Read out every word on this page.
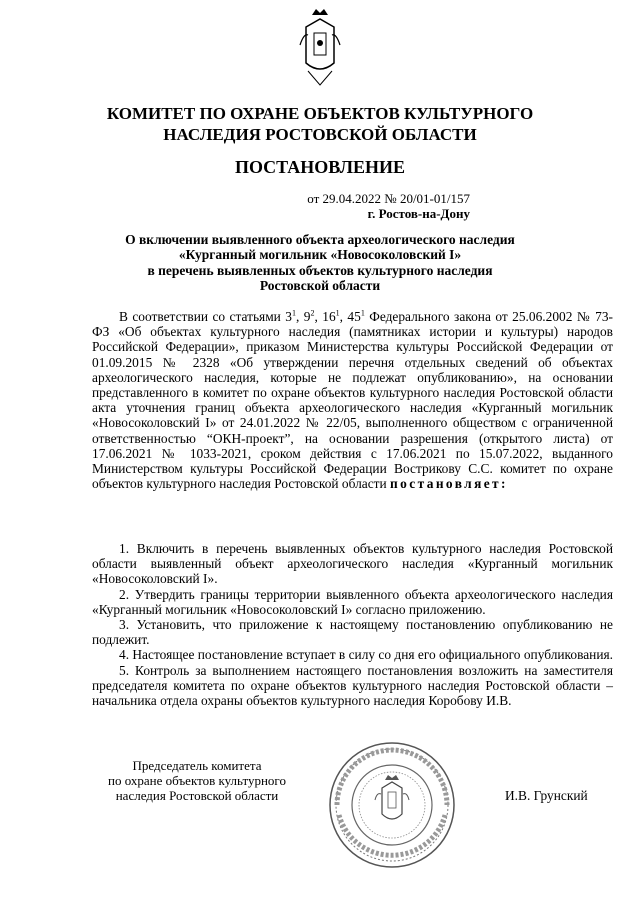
КОМИТЕТ ПО ОХРАНЕ ОБЪЕКТОВ КУЛЬТУРНОГО
НАСЛЕДИЯ РОСТОВСКОЙ ОБЛАСТИ
ПОСТАНОВЛЕНИЕ
от 29.04.2022 № 20/01-01/157
г. Ростов-на-Дону
О включении выявленного объекта археологического наследия
«Курганный могильник «Новосоколовский I»
в перечень выявленных объектов культурного наследия
Ростовской области

В соответствии со статьями $3^1$, $9^2$, $16^1$, $45^1$ Федерального закона от 25.06.2002 № 73-ФЗ «Об объектах культурного наследия (памятниках истории и культуры) народов Российской Федерации», приказом Министерства культуры Российской Федерации от 01.09.2015 № 2328 «Об утверждении перечня отдельных сведений об объектах археологического наследия, которые не подлежат опубликованию», на основании представленного в комитет по охране объектов культурного наследия Ростовской области акта уточнения границ объекта археологического наследия «Курганный могильник «Новосоколовский I» от 24.01.2022 № 22/05, выполненного обществом с ограниченной ответственностью “ОКН-проект”, на основании разрешения (открытого листа) от 17.06.2021 № 1033-2021, сроком действия с 17.06.2021 по 15.07.2022, выданного Министерством культуры Российской Федерации Вострикову С.С. комитет по охране объектов культурного наследия Ростовской области постановляет:

1. Включить в перечень выявленных объектов культурного наследия Ростовской области выявленный объект археологического наследия «Курганный могильник «Новосоколовский I».

2. Утвердить границы территории выявленного объекта археологического наследия «Курганный могильник «Новосоколовский I» согласно приложению.

3. Установить, что приложение к настоящему постановлению опубликованию не подлежит.

4. Настоящее постановление вступает в силу со дня его официального опубликования.

5. Контроль за выполнением настоящего постановления возложить на заместителя председателя комитета по охране объектов культурного наследия Ростовской области – начальника отдела охраны объектов культурного наследия Коробову И.В.

Председатель комитета
по охране объектов культурного
наследия Ростовской области	И.В. Грунский
